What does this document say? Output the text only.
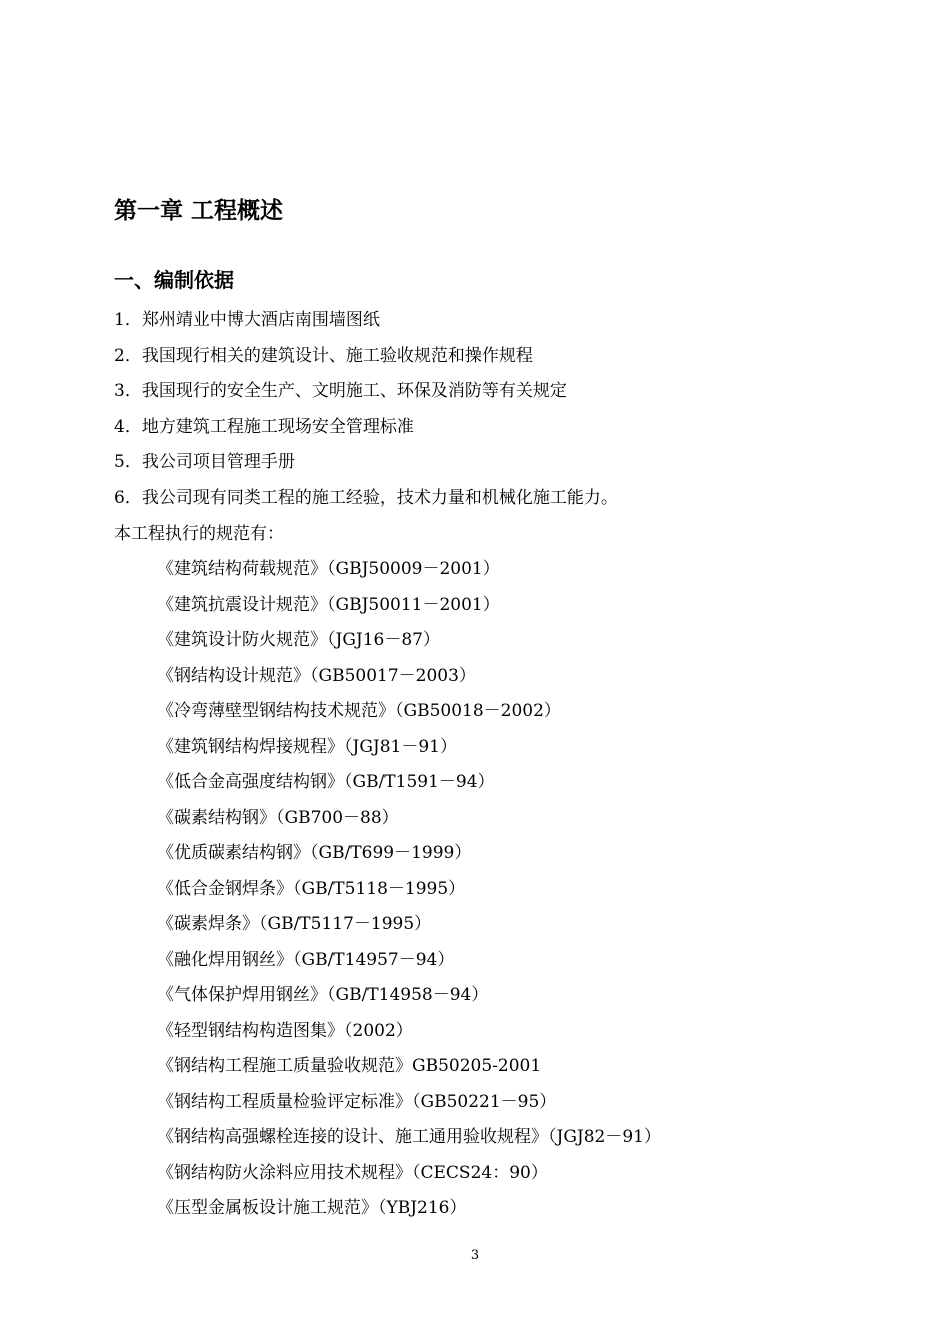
第一章 工程概述
一、编制依据
1．郑州靖业中博大酒店南围墙图纸
2．我国现行相关的建筑设计、施工验收规范和操作规程
3．我国现行的安全生产、文明施工、环保及消防等有关规定
4．地方建筑工程施工现场安全管理标准
5．我公司项目管理手册
6．我公司现有同类工程的施工经验，技术力量和机械化施工能力。

本工程执行的规范有：

《建筑结构荷载规范》（GBJ50009－2001）
《建筑抗震设计规范》（GBJ50011－2001）
《建筑设计防火规范》（JGJ16－87）
《钢结构设计规范》（GB50017－2003）
《冷弯薄壁型钢结构技术规范》（GB50018－2002）
《建筑钢结构焊接规程》（JGJ81－91）
《低合金高强度结构钢》（GB/T1591－94）
《碳素结构钢》（GB700－88）
《优质碳素结构钢》（GB/T699－1999）
《低合金钢焊条》（GB/T5118－1995）
《碳素焊条》（GB/T5117－1995）
《融化焊用钢丝》（GB/T14957－94）
《气体保护焊用钢丝》（GB/T14958－94）
《轻型钢结构构造图集》（2002）
《钢结构工程施工质量验收规范》GB50205-2001
《钢结构工程质量检验评定标准》（GB50221－95）
《钢结构高强螺栓连接的设计、施工通用验收规程》（JGJ82－91）
《钢结构防火涂料应用技术规程》（CECS24：90）
《压型金属板设计施工规范》（YBJ216）
3
